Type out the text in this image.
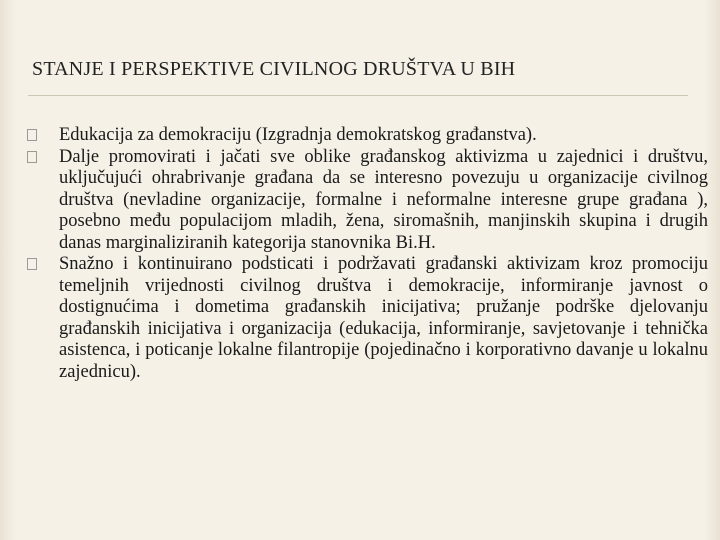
STANJE I PERSPEKTIVE CIVILNOG DRUŠTVA U BIH
Edukacija za demokraciju (Izgradnja demokratskog građanstva).
Dalje promovirati i jačati sve oblike građanskog aktivizma u zajednici i društvu, uključujući ohrabrivanje građana da se interesno povezuju u organizacije civilnog društva (nevladine organizacije, formalne i neformalne interesne grupe građana ), posebno među populacijom mladih, žena, siromašnih, manjinskih skupina i drugih danas marginaliziranih kategorija stanovnika Bi.H.
Snažno i kontinuirano podsticati i podržavati građanski aktivizam kroz promociju temeljnih vrijednosti civilnog društva i demokracije, informiranje javnost o dostignućima i dometima građanskih inicijativa; pružanje podrške djelovanju građanskih inicijativa i organizacija (edukacija, informiranje, savjetovanje i tehnička asistenca, i poticanje lokalne filantropije (pojedinačno i korporativno davanje u lokalnu zajednicu).
